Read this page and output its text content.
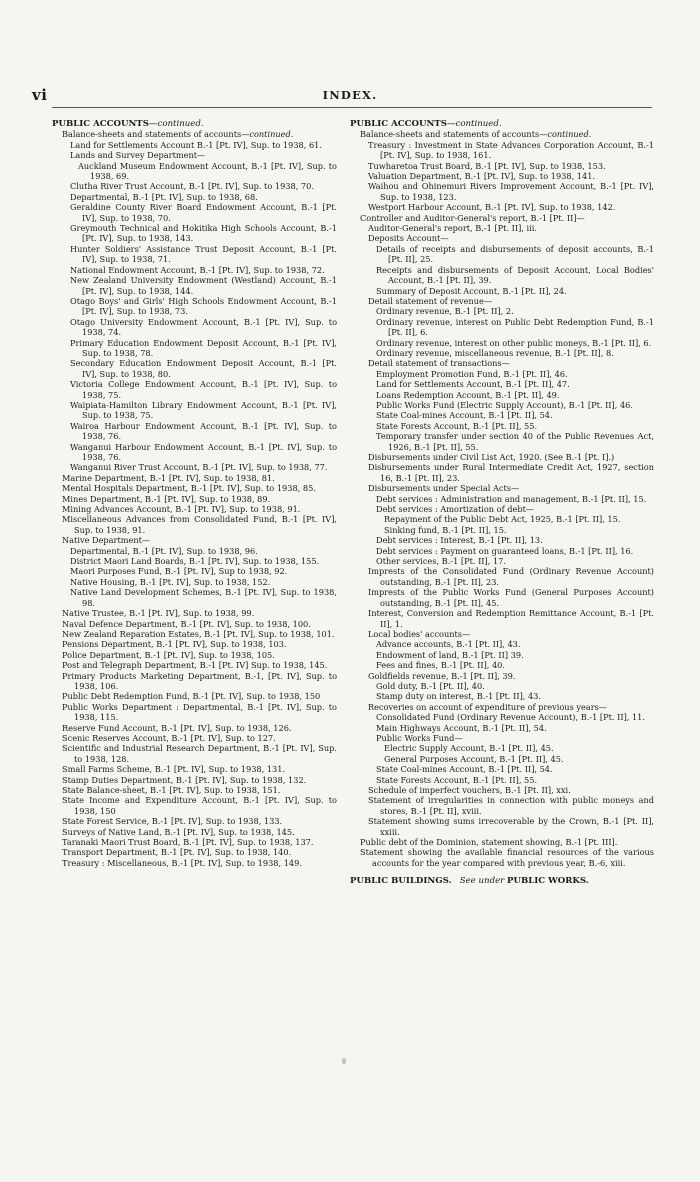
vi	INDEX.
PUBLIC ACCOUNTS—continued.
Balance-sheets and statements of accounts—continued.
Land for Settlements Account B.-1 [Pt. IV], Sup. to 1938, 61.
Lands and Survey Department—
Auckland Museum Endowment Account, B.-1 [Pt. IV], Sup. to 1938, 69.
Clutha River Trust Account, B.-1 [Pt. IV], Sup. to 1938, 70.
Departmental, B.-1 [Pt. IV], Sup. to 1938, 68.
Geraldine County River Board Endowment Account, B.-1 [Pt. IV], Sup. to 1938, 70.
Greymouth Technical and Hokitika High Schools Account, B.-1 [Pt. IV], Sup. to 1938, 143.
Hunter Soldiers' Assistance Trust Deposit Account, B.-1 [Pt. IV], Sup. to 1938, 71.
National Endowment Account, B.-1 [Pt. IV], Sup. to 1938, 72.
New Zealand University Endowment (Westland) Account, B.-1 [Pt. IV], Sup. to 1938, 144.
Otago Boys' and Girls' High Schools Endowment Account, B.-1 [Pt. IV], Sup. to 1938, 73.
Otago University Endowment Account, B.-1 [Pt. IV], Sup. to 1938, 74.
Primary Education Endowment Deposit Account, B.-1 [Pt. IV], Sup. to 1938, 78.
Secondary Education Endowment Deposit Account, B.-1 [Pt. IV], Sup. to 1938, 80.
Victoria College Endowment Account, B.-1 [Pt. IV], Sup. to 1938, 75.
Waipiata-Hamilton Library Endowment Account, B.-1 [Pt. IV], Sup. to 1938, 75.
Wairoa Harbour Endowment Account, B.-1 [Pt. IV], Sup. to 1938, 76.
Wanganui Harbour Endowment Account, B.-1 [Pt. IV], Sup. to 1938, 76.
Wanganui River Trust Account, B.-1 [Pt. IV], Sup. to 1938, 77.
Marine Department, B.-1 [Pt. IV], Sup. to 1938, 81.
Mental Hospitals Department, B.-1 [Pt. IV], Sup. to 1938, 85.
Mines Department, B.-1 [Pt. IV], Sup. to 1938, 89.
Mining Advances Account, B.-1 [Pt. IV], Sup. to 1938, 91.
Miscellaneous Advances from Consolidated Fund, B.-1 [Pt. IV], Sup. to 1938, 91.
Native Department—
Departmental, B.-1 [Pt. IV], Sup. to 1938, 96.
District Maori Land Boards, B.-1 [Pt. IV], Sup. to 1938, 155.
Maori Purposes Fund, B.-1 [Pt. IV], Sup to 1938, 92.
Native Housing, B.-1 [Pt. IV], Sup. to 1938, 152.
Native Land Development Schemes, B.-1 [Pt. IV], Sup. to 1938, 98.
Native Trustee, B.-1 [Pt. IV], Sup. to 1938, 99.
Naval Defence Department, B.-1 [Pt. IV], Sup. to 1938, 100.
New Zealand Reparation Estates, B.-1 [Pt. IV], Sup. to 1938, 101.
Pensions Department, B.-1 [Pt. IV], Sup. to 1938, 103.
Police Department, B.-1 [Pt. IV], Sup. to 1938, 105.
Post and Telegraph Department, B.-1 [Pt. IV] Sup. to 1938, 145.
Primary Products Marketing Department, B.-1, [Pt. IV], Sup. to 1938, 106.
Public Debt Redemption Fund, B.-1 [Pt. IV], Sup. to 1938, 150
Public Works Department : Departmental, B.-1 [Pt. IV], Sup. to 1938, 115.
Reserve Fund Account, B.-1 [Pt. IV], Sup. to 1938, 126.
Scenic Reserves Account, B.-1 [Pt. IV], Sup. to 127.
Scientific and Industrial Research Department, B.-1 [Pt. IV], Sup. to 1938, 128.
Small Farms Scheme, B.-1 [Pt. IV], Sup. to 1938, 131.
Stamp Duties Department, B.-1 [Pt. IV], Sup. to 1938, 132.
State Balance-sheet, B.-1 [Pt. IV], Sup. to 1938, 151.
State Income and Expenditure Account, B.-1 [Pt. IV], Sup. to 1938, 150
State Forest Service, B.-1 [Pt. IV], Sup. to 1938, 133.
Surveys of Native Land, B.-1 [Pt. IV], Sup. to 1938, 145.
Taranaki Maori Trust Board, B.-1 [Pt. IV], Sup. to 1938, 137.
Transport Department, B.-1 [Pt. IV], Sup. to 1938, 140.
Treasury : Miscellaneous, B.-1 [Pt. IV], Sup. to 1938, 149.
PUBLIC ACCOUNTS—continued.
Balance-sheets and statements of accounts—continued.
Treasury : Investment in State Advances Corporation Account, B.-1 [Pt. IV], Sup. to 1938, 161.
Tuwharetoa Trust Board, B.-1 [Pt. IV], Sup. to 1938, 153.
Valuation Department, B.-1 [Pt. IV], Sup. to 1938, 141.
Waihou and Ohinemuri Rivers Improvement Account, B.-1 [Pt. IV], Sup. to 1938, 123.
Westport Harbour Account, B.-1 [Pt. IV], Sup. to 1938, 142.
Controller and Auditor-General's report, B.-1 [Pt. II]—
Auditor-General's report, B.-1 [Pt. II], iii.
Deposits Account—
Details of receipts and disbursements of deposit accounts, B.-1 [Pt. II], 25.
Receipts and disbursements of Deposit Account, Local Bodies' Account, B.-1 [Pt. II], 39.
Summary of Deposit Account, B.-1 [Pt. II], 24.
Detail statement of revenue—
Ordinary revenue, B.-1 [Pt. II], 2.
Ordinary revenue, interest on Public Debt Redemption Fund, B.-1 [Pt. II], 6.
Ordinary revenue, interest on other public moneys, B.-1 [Pt. II], 6.
Ordinary revenue, miscellaneous revenue, B.-1 [Pt. II], 8.
Detail statement of transactions—
Employment Promotion Fund, B.-1 [Pt. II], 46.
Land for Settlements Account, B.-1 [Pt. II], 47.
Loans Redemption Account, B.-1 [Pt. II], 49.
Public Works Fund (Electric Supply Account), B.-1 [Pt. II], 46.
State Coal-mines Account, B.-1 [Pt. II], 54.
State Forests Account, B.-1 [Pt. II], 55.
Temporary transfer under section 40 of the Public Revenues Act, 1926, B.-1 [Pt. II], 55.
Disbursements under Civil List Act, 1920. (See B.-1 [Pt. I].)
Disbursements under Rural Intermediate Credit Act, 1927, section 16, B.-1 [Pt. II], 23.
Disbursements under Special Acts—
Debt services : Administration and management, B.-1 [Pt. II], 15.
Debt services : Amortization of debt—
Repayment of the Public Debt Act, 1925, B.-1 [Pt. II], 15.
Sinking fund, B.-1 [Pt. II], 15.
Debt services : Interest, B.-1 [Pt. II], 13.
Debt services : Payment on guaranteed loans, B.-1 [Pt. II], 16.
Other services, B.-1 [Pt. II], 17.
Imprests of the Consolidated Fund (Ordinary Revenue Account) outstanding, B.-1 [Pt. II], 23.
Imprests of the Public Works Fund (General Purposes Account) outstanding, B.-1 [Pt. II], 45.
Interest, Conversion and Redemption Remittance Account, B.-1 [Pt. II], 1.
Local bodies' accounts—
Advance accounts, B.-1 [Pt. II], 43.
Endowment of land, B.-1 [Pt. II] 39.
Fees and fines, B.-1 [Pt. II], 40.
Goldfields revenue, B.-1 [Pt. II], 39.
Gold duty, B.-1 [Pt. II], 40.
Stamp duty on interest, B.-1 [Pt. II], 43.
Recoveries on account of expenditure of previous years—
Consolidated Fund (Ordinary Revenue Account), B.-1 [Pt. II], 11.
Main Highways Account, B.-1 [Pt. II], 54.
Public Works Fund—
Electric Supply Account, B.-1 [Pt. II], 45.
General Purposes Account, B.-1 [Pt. II], 45.
State Coal-mines Account, B.-1 [Pt. II], 54.
State Forests Account, B.-1 [Pt. II], 55.
Schedule of imperfect vouchers, B.-1 [Pt. II], xxi.
Statement of irregularities in connection with public moneys and stores, B.-1 [Pt. II], xviii.
Statement showing sums irrecoverable by the Crown, B.-1 [Pt. II], xxiii.
Public debt of the Dominion, statement showing, B.-1 [Pt. III].
Statement showing the available financial resources of the various accounts for the year compared with previous year, B.-6, xiii.
PUBLIC BUILDINGS. See under PUBLIC WORKS.
